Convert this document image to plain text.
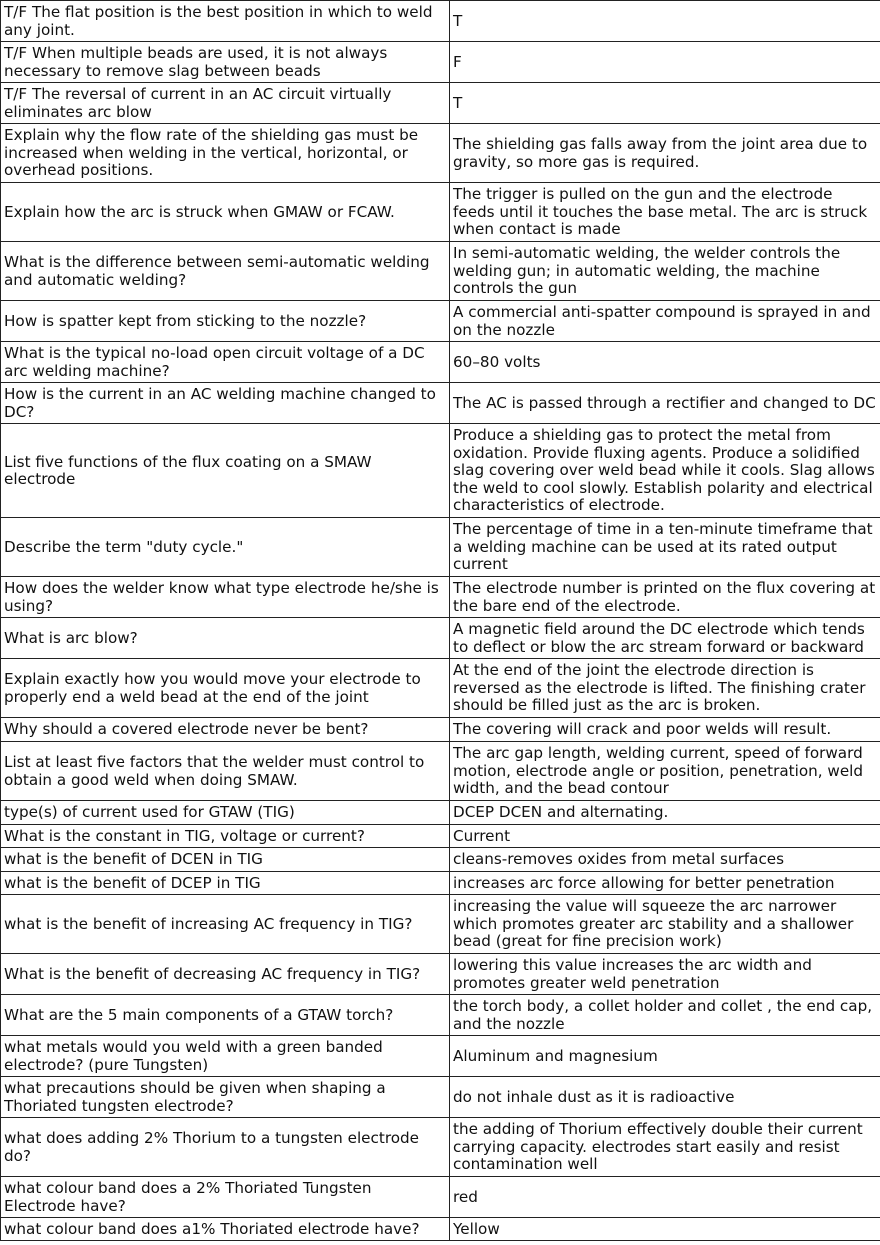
T/F The flat position is the best position in which to weld any joint.	T
T/F When multiple beads are used, it is not always necessary to remove slag between beads	F
T/F The reversal of current in an AC circuit virtually eliminates arc blow	T
Explain why the flow rate of the shielding gas must be increased when welding in the vertical, horizontal, or overhead positions.	The shielding gas falls away from the joint area due to gravity, so more gas is required.
Explain how the arc is struck when GMAW or FCAW.	The trigger is pulled on the gun and the electrode feeds until it touches the base metal. The arc is struck when contact is made
What is the difference between semi-automatic welding and automatic welding?	In semi-automatic welding, the welder controls the welding gun; in automatic welding, the machine controls the gun
How is spatter kept from sticking to the nozzle?	A commercial anti-spatter compound is sprayed in and on the nozzle
What is the typical no-load open circuit voltage of a DC arc welding machine?	60–80 volts
How is the current in an AC welding machine changed to DC?	The AC is passed through a rectifier and changed to DC
List five functions of the flux coating on a SMAW electrode	Produce a shielding gas to protect the metal from oxidation. Provide fluxing agents. Produce a solidified slag covering over weld bead while it cools. Slag allows the weld to cool slowly. Establish polarity and electrical characteristics of electrode.
Describe the term "duty cycle."	The percentage of time in a ten-minute timeframe that a welding machine can be used at its rated output current
How does the welder know what type electrode he/she is using?	The electrode number is printed on the flux covering at the bare end of the electrode.
What is arc blow?	A magnetic field around the DC electrode which tends to deflect or blow the arc stream forward or backward
Explain exactly how you would move your electrode to properly end a weld bead at the end of the joint	At the end of the joint the electrode direction is reversed as the electrode is lifted. The finishing crater should be filled just as the arc is broken.
Why should a covered electrode never be bent?	The covering will crack and poor welds will result.
List at least five factors that the welder must control to obtain a good weld when doing SMAW.	The arc gap length, welding current, speed of forward motion, electrode angle or position, penetration, weld width, and the bead contour
type(s) of current used for GTAW (TIG)	DCEP DCEN and alternating.
What is the constant in TIG, voltage or current?	Current
what is the benefit of DCEN in TIG	cleans-removes oxides from metal surfaces
what is the benefit of DCEP in TIG	increases arc force allowing for better penetration
what is the benefit of increasing AC frequency in TIG?	increasing the value will squeeze the arc narrower which promotes greater arc stability and a shallower bead (great for fine precision work)
What is the benefit of decreasing AC frequency in TIG?	lowering this value increases the arc width and promotes greater weld penetration
What are the 5 main components of a GTAW torch?	the torch body, a collet holder and collet , the end cap, and the nozzle
what metals would you weld with a green banded electrode? (pure Tungsten)	Aluminum and magnesium
what precautions should be given when shaping a Thoriated tungsten electrode?	do not inhale dust as it is radioactive
what does adding 2% Thorium to a tungsten electrode do?	the adding of Thorium effectively double their current carrying capacity. electrodes start easily and resist contamination well
what colour band does a 2% Thoriated Tungsten Electrode have?	red
what colour band does a1% Thoriated electrode have?	Yellow
